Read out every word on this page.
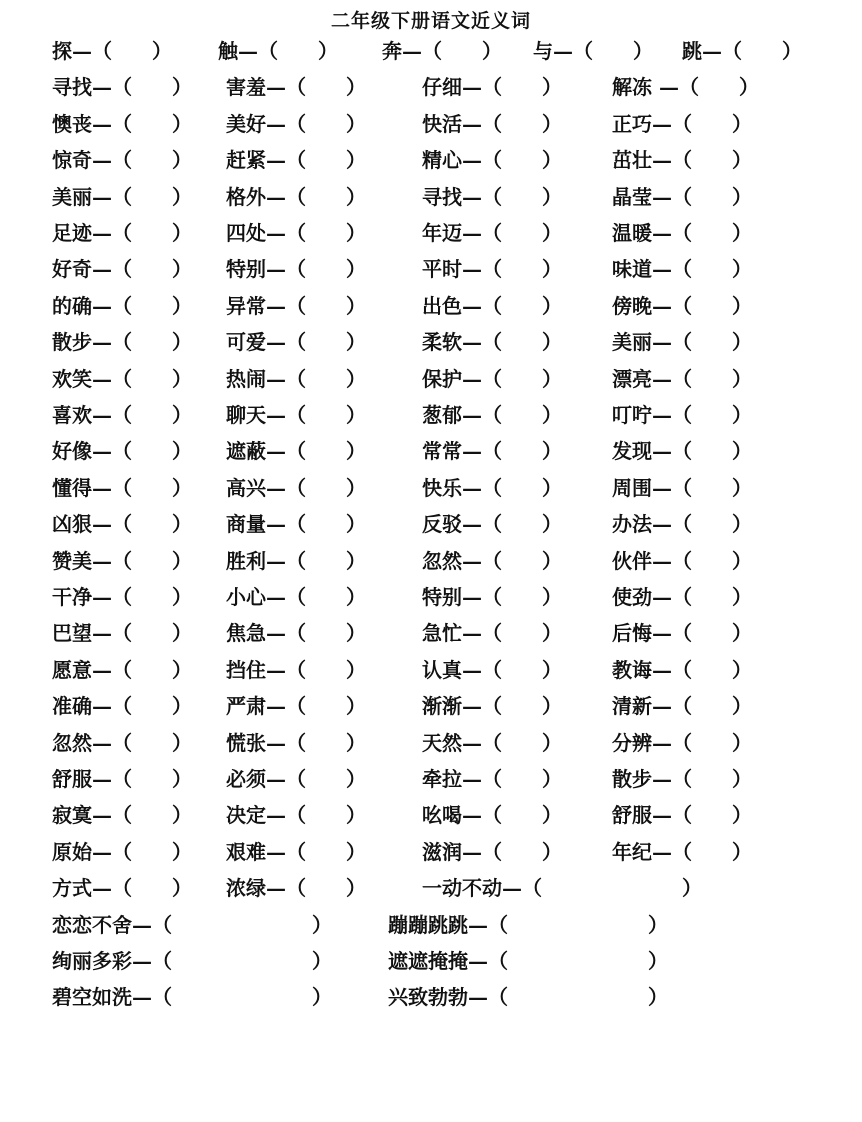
二年级下册语文近义词
探—（　　） 触—（　　） 奔—（　　） 与—（　　） 跳—（　　）
寻找—（　　） 害羞—（　　）	仔细—（　　）	解冻 —（　　）
懊丧—（　　） 美好—（　　）	快活—（　　）	正巧—（　　）
惊奇—（　　） 赶紧—（　　）	精心—（　　）	茁壮—（　　）
美丽—（　　） 格外—（　　）	寻找—（　　）	晶莹—（　　）
足迹—（　　） 四处—（　　）	年迈—（　　）	温暖—（　　）
好奇—（　　） 特别—（　　）	平时—（　　）	味道—（　　）
的确—（　　） 异常—（　　）	出色—（　　）	傍晚—（　　）
散步—（　　） 可爱—（　　）	柔软—（　　）	美丽—（　　）
欢笑—（　　） 热闹—（　　）	保护—（　　）	漂亮—（　　）
喜欢—（　　） 聊天—（　　）	葱郁—（　　）	叮咛—（　　）
好像—（　　） 遮蔽—（　　）	常常—（　　）	发现—（　　）
懂得—（　　） 高兴—（　　）	快乐—（　　）	周围—（　　）
凶狠—（　　） 商量—（　　）	反驳—（　　）	办法—（　　）
赞美—（　　） 胜利—（　　）	忽然—（　　）	伙伴—（　　）
干净—（　　） 小心—（　　）	特别—（　　）	使劲—（　　）
巴望—（　　） 焦急—（　　）	急忙—（　　）	后悔—（　　）
愿意—（　　） 挡住—（　　）	认真—（　　）	教诲—（　　）
准确—（　　） 严肃—（　　）	渐渐—（　　）	清新—（　　）
忽然—（　　） 慌张—（　　）	天然—（　　）	分辨—（　　）
舒服—（　　） 必须—（　　）	牵拉—（　　）	散步—（　　）
寂寞—（　　） 决定—（　　）	吆喝—（　　）	舒服—（　　）
原始—（　　） 艰难—（　　）	滋润—（　　）	年纪—（　　）
方式—（　　） 浓绿—（　　）	一动不动—（　　　　　　　）
恋恋不舍—（　　　　　　　）	蹦蹦跳跳—（　　　　　　　）
绚丽多彩—（　　　　　　　）	遮遮掩掩—（　　　　　　　）
碧空如洗—（　　　　　　　）	兴致勃勃—（　　　　　　　）
